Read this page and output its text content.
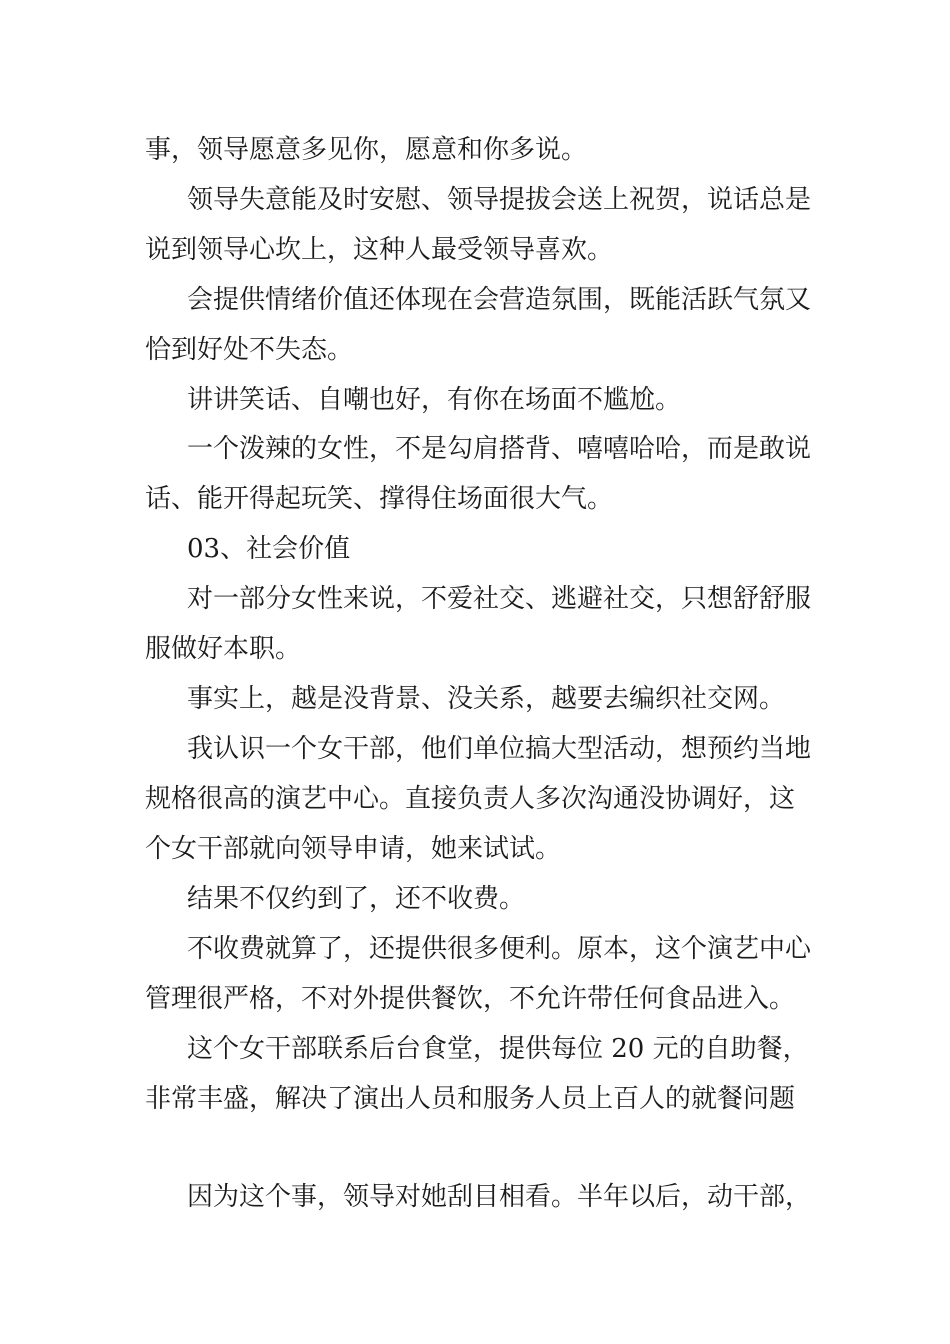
事，领导愿意多见你，愿意和你多说。
领导失意能及时安慰、领导提拔会送上祝贺，说话总是
说到领导心坎上，这种人最受领导喜欢。
会提供情绪价值还体现在会营造氛围，既能活跃气氛又
恰到好处不失态。
讲讲笑话、自嘲也好，有你在场面不尴尬。
一个泼辣的女性，不是勾肩搭背、嘻嘻哈哈，而是敢说
话、能开得起玩笑、撑得住场面很大气。
03、社会价值
对一部分女性来说，不爱社交、逃避社交，只想舒舒服
服做好本职。
事实上，越是没背景、没关系，越要去编织社交网。
我认识一个女干部，他们单位搞大型活动，想预约当地
规格很高的演艺中心。直接负责人多次沟通没协调好，这
个女干部就向领导申请，她来试试。
结果不仅约到了，还不收费。
不收费就算了，还提供很多便利。原本，这个演艺中心
管理很严格，不对外提供餐饮，不允许带任何食品进入。
这个女干部联系后台食堂，提供每位 20 元的自助餐，
非常丰盛，解决了演出人员和服务人员上百人的就餐问题
因为这个事，领导对她刮目相看。半年以后，动干部，
